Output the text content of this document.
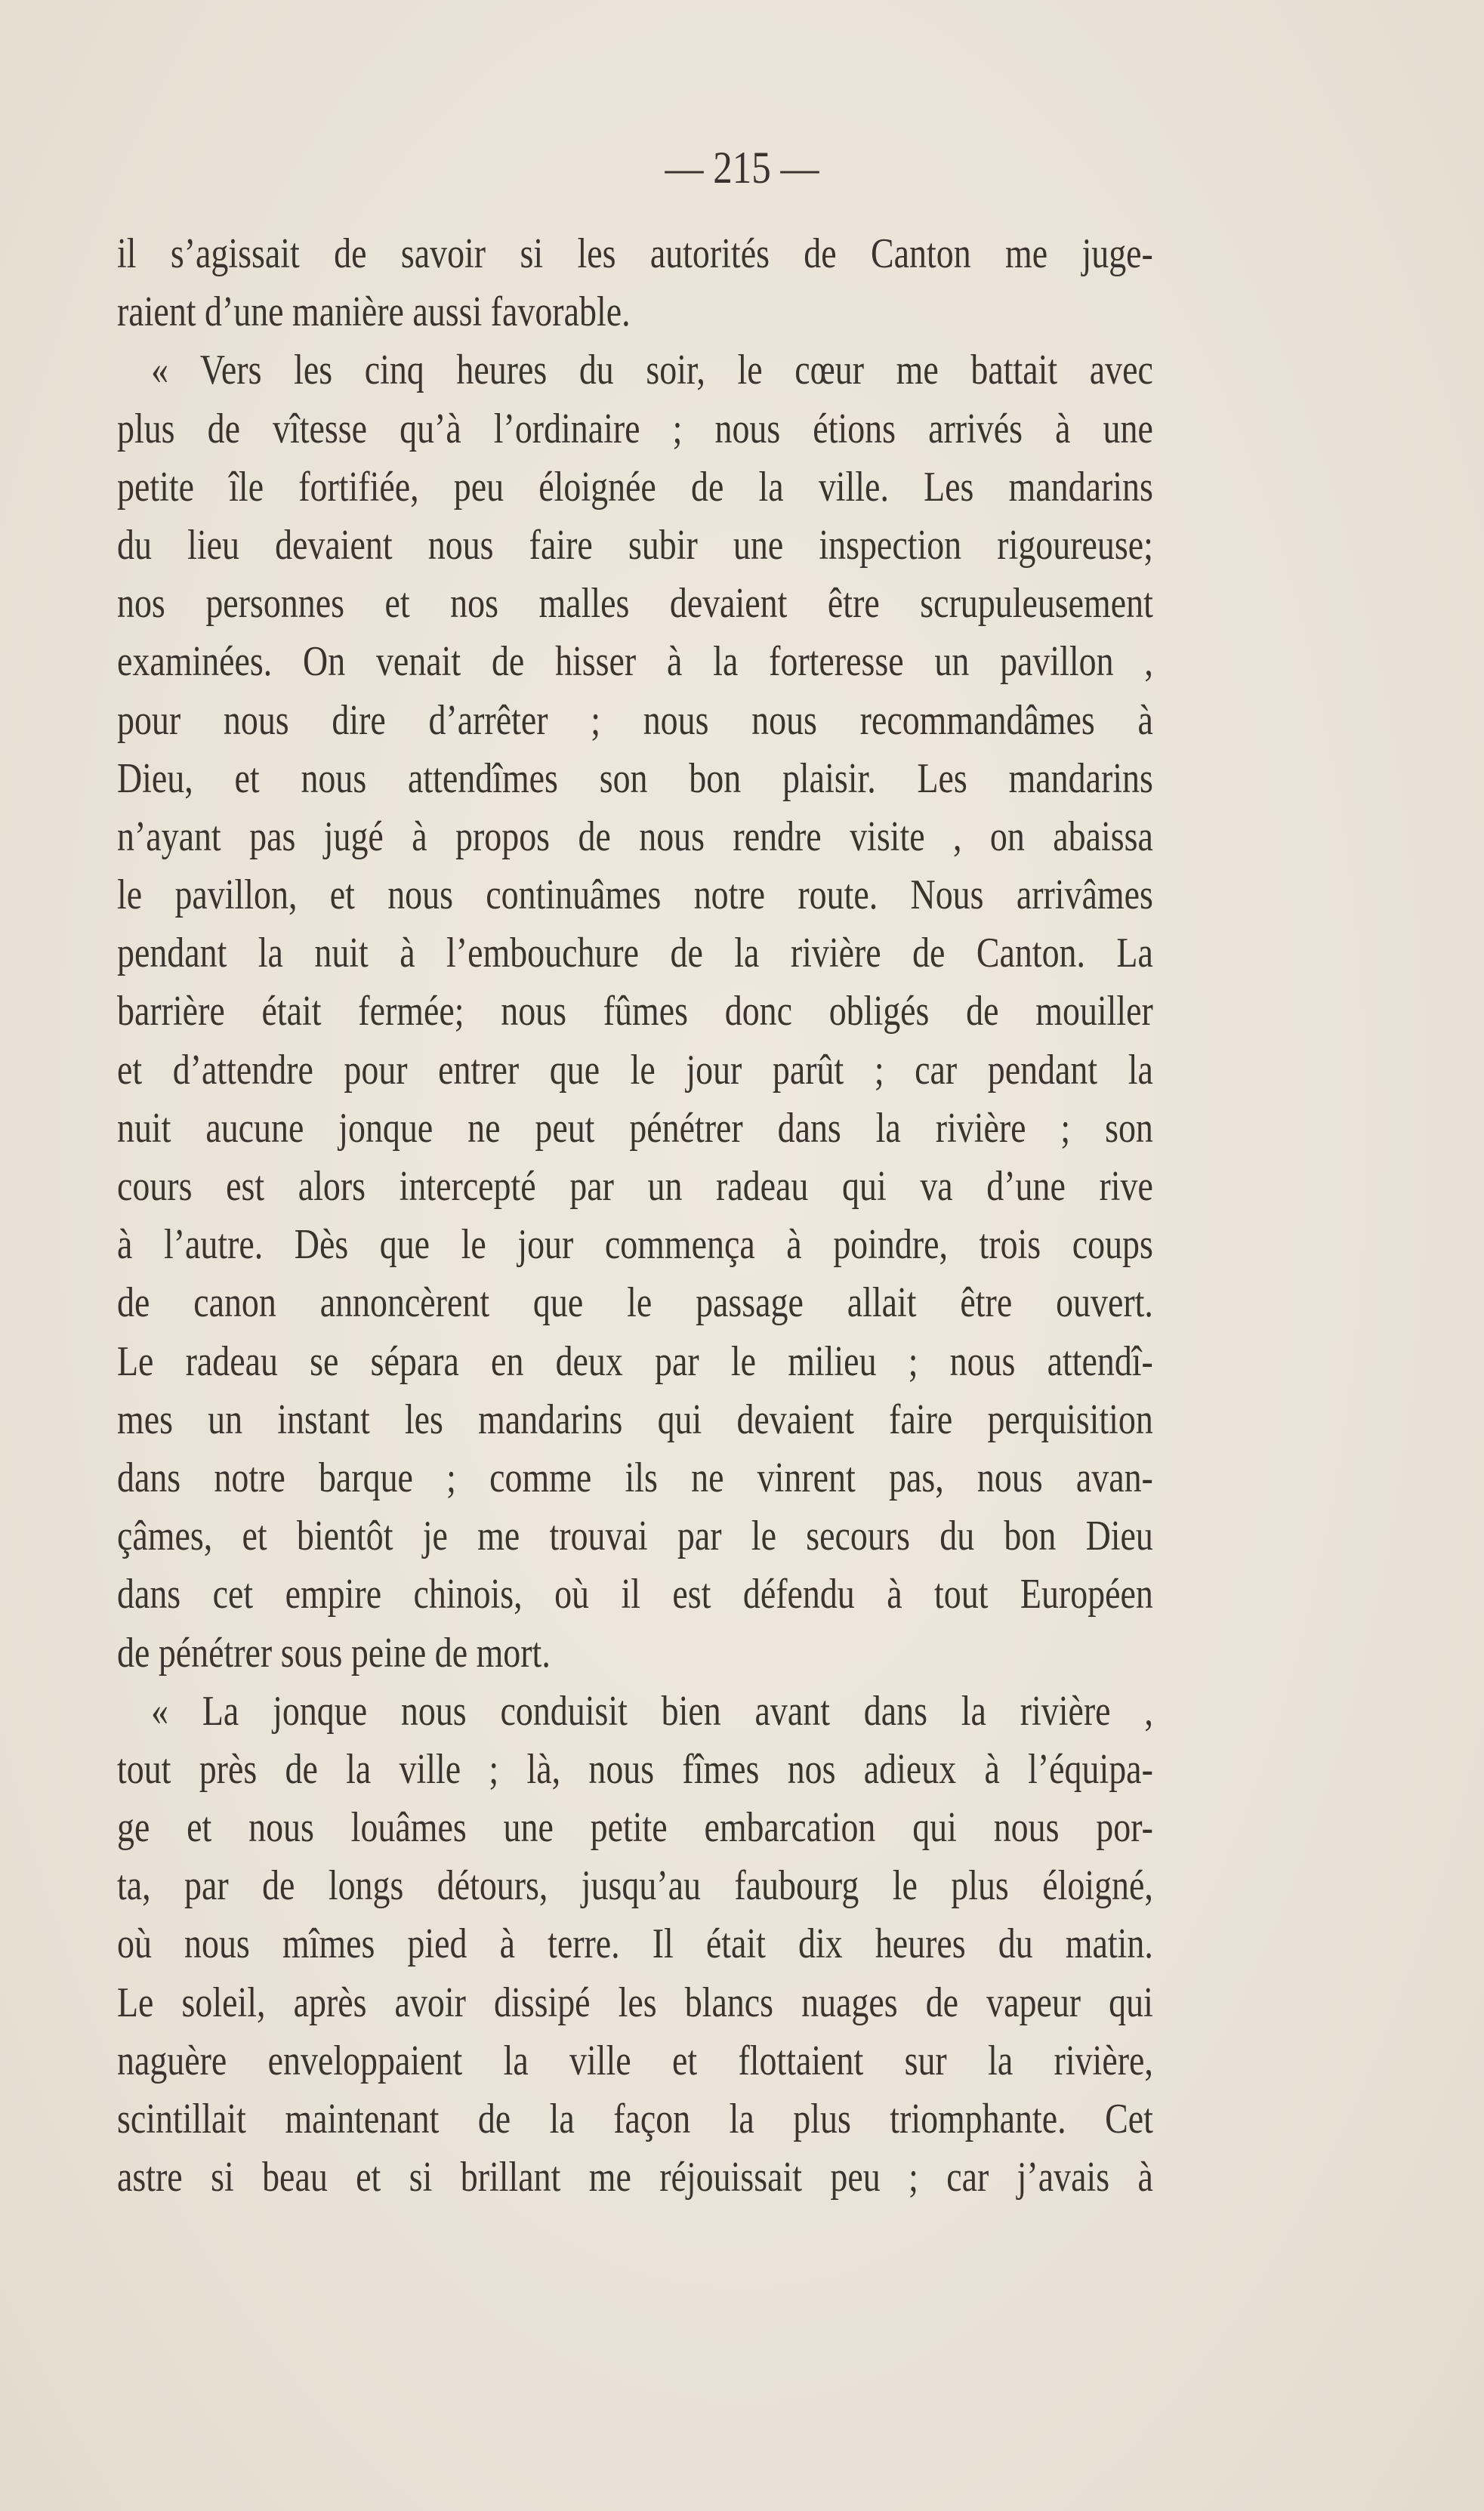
— 215 —
il s’agissait de savoir si les autorités de Canton me juge-
raient d’une manière aussi favorable.
« Vers les cinq heures du soir, le cœur me battait avec
plus de vîtesse qu’à l’ordinaire ; nous étions arrivés à une
petite île fortifiée, peu éloignée de la ville. Les mandarins
du lieu devaient nous faire subir une inspection rigoureuse;
nos personnes et nos malles devaient être scrupuleusement
examinées. On venait de hisser à la forteresse un pavillon ,
pour nous dire d’arrêter ; nous nous recommandâmes à
Dieu, et nous attendîmes son bon plaisir. Les mandarins
n’ayant pas jugé à propos de nous rendre visite , on abaissa
le pavillon, et nous continuâmes notre route. Nous arrivâmes
pendant la nuit à l’embouchure de la rivière de Canton. La
barrière était fermée; nous fûmes donc obligés de mouiller
et d’attendre pour entrer que le jour parût ; car pendant la
nuit aucune jonque ne peut pénétrer dans la rivière ; son
cours est alors intercepté par un radeau qui va d’une rive
à l’autre. Dès que le jour commença à poindre, trois coups
de canon annoncèrent que le passage allait être ouvert.
Le radeau se sépara en deux par le milieu ; nous attendî-
mes un instant les mandarins qui devaient faire perquisition
dans notre barque ; comme ils ne vinrent pas, nous avan-
çâmes, et bientôt je me trouvai par le secours du bon Dieu
dans cet empire chinois, où il est défendu à tout Européen
de pénétrer sous peine de mort.
« La jonque nous conduisit bien avant dans la rivière ,
tout près de la ville ; là, nous fîmes nos adieux à l’équipa-
ge et nous louâmes une petite embarcation qui nous por-
ta, par de longs détours, jusqu’au faubourg le plus éloigné,
où nous mîmes pied à terre. Il était dix heures du matin.
Le soleil, après avoir dissipé les blancs nuages de vapeur qui
naguère enveloppaient la ville et flottaient sur la rivière,
scintillait maintenant de la façon la plus triomphante. Cet
astre si beau et si brillant me réjouissait peu ; car j’avais à
